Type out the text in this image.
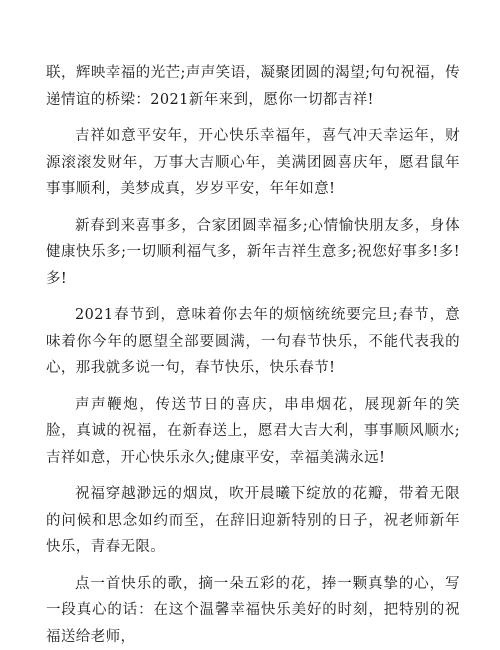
联，辉映幸福的光芒;声声笑语，凝聚团圆的渴望;句句祝福，传递情谊的桥梁：2021新年来到，愿你一切都吉祥!

吉祥如意平安年，开心快乐幸福年，喜气冲天幸运年，财源滚滚发财年，万事大吉顺心年，美满团圆喜庆年，愿君鼠年事事顺利，美梦成真，岁岁平安，年年如意!

新春到来喜事多，合家团圆幸福多;心情愉快朋友多，身体健康快乐多;一切顺利福气多，新年吉祥生意多;祝您好事多!多!多!

2021春节到，意味着你去年的烦恼统统要完旦;春节，意味着你今年的愿望全部要圆满，一句春节快乐，不能代表我的心，那我就多说一句，春节快乐，快乐春节!

声声鞭炮，传送节日的喜庆，串串烟花，展现新年的笑脸，真诚的祝福，在新春送上，愿君大吉大利，事事顺风顺水;吉祥如意，开心快乐永久;健康平安，幸福美满永远!

祝福穿越渺远的烟岚，吹开晨曦下绽放的花瓣，带着无限的问候和思念如约而至，在辞旧迎新特别的日子，祝老师新年快乐，青春无限。

点一首快乐的歌，摘一朵五彩的花，捧一颗真挚的心，写一段真心的话：在这个温馨幸福快乐美好的时刻，把特别的祝福送给老师，
